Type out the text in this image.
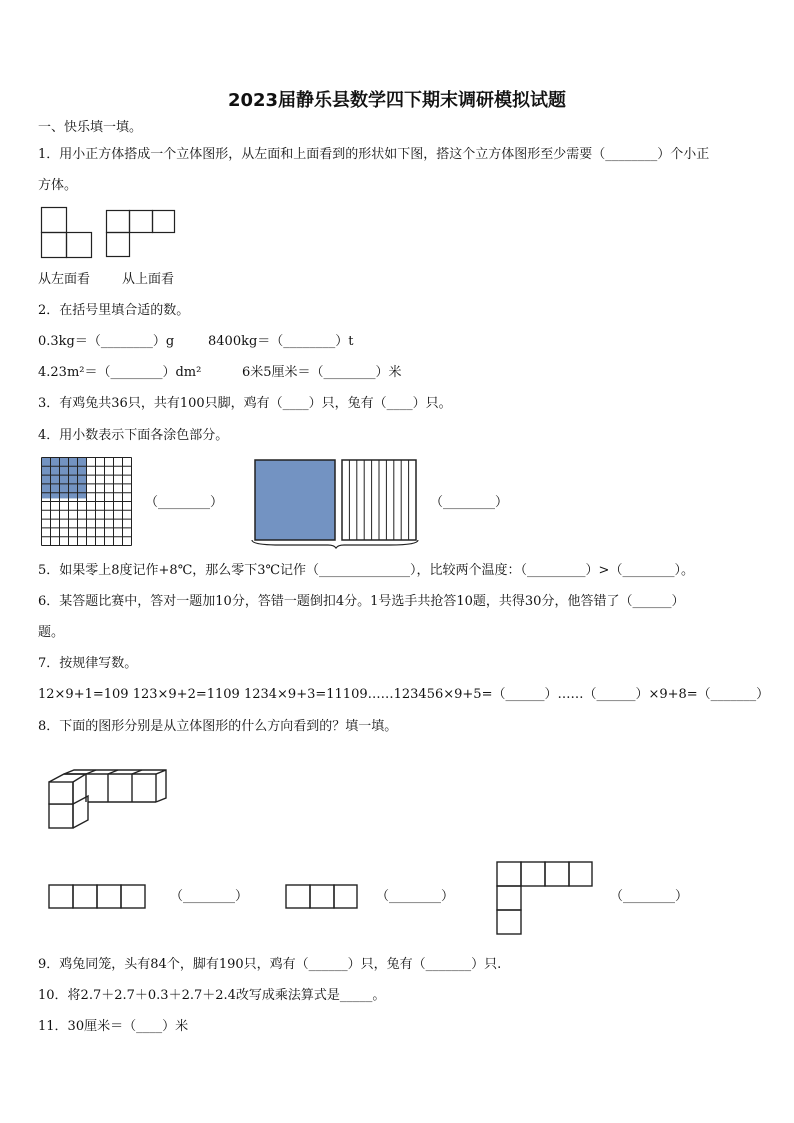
2023届静乐县数学四下期末调研模拟试题
一、快乐填一填。
1．用小正方体搭成一个立体图形，从左面和上面看到的形状如下图，搭这个立方体图形至少需要（________）个小正
方体。
从左面看 从上面看
2．在括号里填合适的数。
0.3kg＝（________）g	8400kg＝（________）t
4.23m²＝（________）dm²	6米5厘米＝（________）米
3．有鸡兔共36只，共有100只脚，鸡有（____）只，兔有（____）只。
4．用小数表示下面各涂色部分。
（________）	（________）
5．如果零上8度记作+8℃，那么零下3℃记作（______________），比较两个温度：（_________）>（________）。
6．某答题比赛中，答对一题加10分，答错一题倒扣4分。1号选手共抢答10题，共得30分，他答错了（______）
题。
7．按规律写数。
12×9+1=109 123×9+2=1109 1234×9+3=11109……123456×9+5=（______）……（______）×9+8=（_______）
8．下面的图形分别是从立体图形的什么方向看到的？填一填。
（________）	（________）	（________）
9．鸡兔同笼，头有84个，脚有190只，鸡有（______）只，兔有（_______）只.
10．将2.7＋2.7＋0.3＋2.7＋2.4改写成乘法算式是_____。
11．30厘米＝（____）米
